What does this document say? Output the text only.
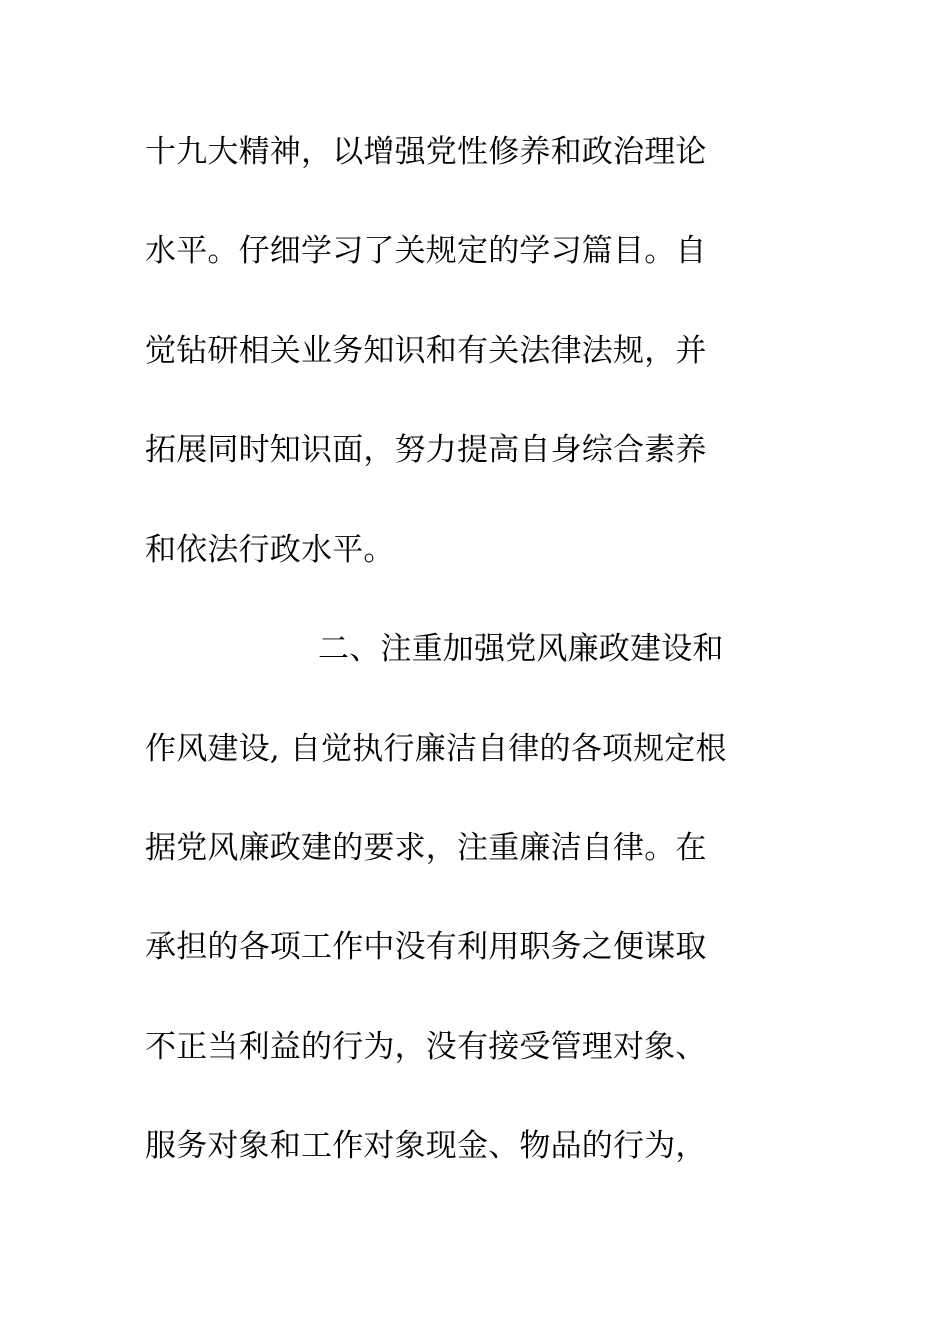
十九大精神，以增强党性修养和政治理论
水平。仔细学习了关规定的学习篇目。自
觉钻研相关业务知识和有关法律法规，并
拓展同时知识面，努力提高自身综合素养
和依法行政水平。
二、注重加强党风廉政建设和
作风建设, 自觉执行廉洁自律的各项规定根
据党风廉政建的要求，注重廉洁自律。在
承担的各项工作中没有利用职务之便谋取
不正当利益的行为，没有接受管理对象、
服务对象和工作对象现金、物品的行为，
